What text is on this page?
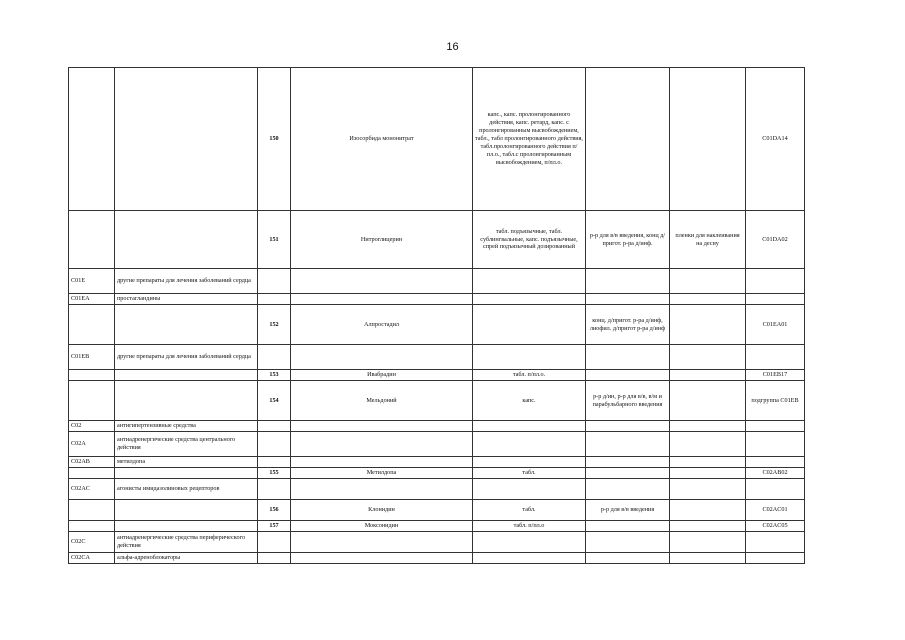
16
		150	Изосорбида мононитрат	капс., капс. пролонгированного действия, капс. ретард, капс. с пролонгированным высвобождением, табл., табл пролонгированного действия, табл.пролонгированного действия п/пл.о., табл.с пролонгированным высвобождением, п/пл.о.			C01DA14
		151	Нитроглицерин	табл. подъязычные, табл. сублингвальные, капс. подъязычные, спрей подъязычный дозированный	р-р для в/в введения, конц д/пригот. р-ра д/инф.	пленки для наклеивания на десну	C01DA02
C01E	другие препараты для лечения заболеваний сердца						
C01EA	простагландины						
		152	Алпростадил		конц. д/пригот. р-ра д/инф, лиофил. д/пригот р-ра д/инф		C01EA01
C01EB	другие препараты для лечения заболеваний сердца						
		153	Ивабрадин	табл. п/пл.о.			C01EB17
		154	Мельдоний	капс.	р-р д/ин, р-р для в/в, в/м и парабульбарного введения		подгруппа C01EB
C02	антигипертензивные средства						
C02A	антиадренергические средства центрального действия						
C02AB	метилдопа						
		155	Метилдопа	табл.			C02AB02
C02AC	агонисты имидазолиновых рецепторов						
		156	Клонидин	табл.	р-р для в/в введения		C02AC01
		157	Моксонидин	табл. п/пл.о			C02AC05
C02C	антиадренергические средства периферического действия						
C02CA	альфа-адреноблокаторы						
